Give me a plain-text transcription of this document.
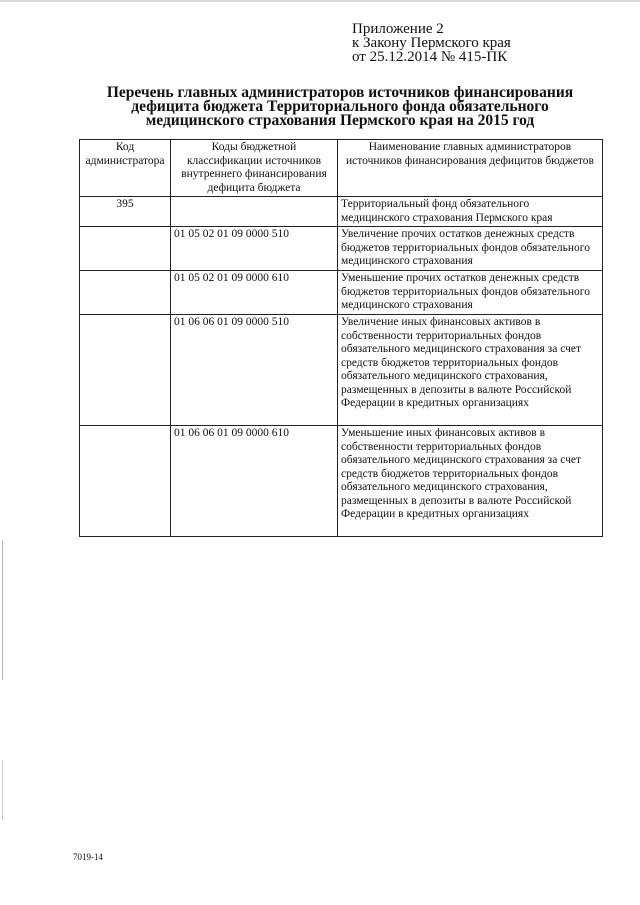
Приложение 2
к Закону Пермского края
от 25.12.2014 № 415-ПК
Перечень главных администраторов источников финансирования
дефицита бюджета Территориального фонда обязательного
медицинского страхования Пермского края на 2015 год
Код администратора	Коды бюджетной классификации источников внутреннего финансирования дефицита бюджета	Наименование главных администраторов источников финансирования дефицитов бюджетов
395		Территориальный фонд обязательного медицинского страхования Пермского края
	01 05 02 01 09 0000 510	Увеличение прочих остатков денежных средств бюджетов территориальных фондов обязательного медицинского страхования
	01 05 02 01 09 0000 610	Уменьшение прочих остатков денежных средств бюджетов территориальных фондов обязательного медицинского страхования
	01 06 06 01 09 0000 510	Увеличение иных финансовых активов в собственности территориальных фондов обязательного медицинского страхования за счет средств бюджетов территориальных фондов обязательного медицинского страхования, размещенных в депозиты в валюте Российской Федерации в кредитных организациях
	01 06 06 01 09 0000 610	Уменьшение иных финансовых активов в собственности территориальных фондов обязательного медицинского страхования за счет средств бюджетов территориальных фондов обязательного медицинского страхования, размещенных в депозиты в валюте Российской Федерации в кредитных организациях
7019-14
